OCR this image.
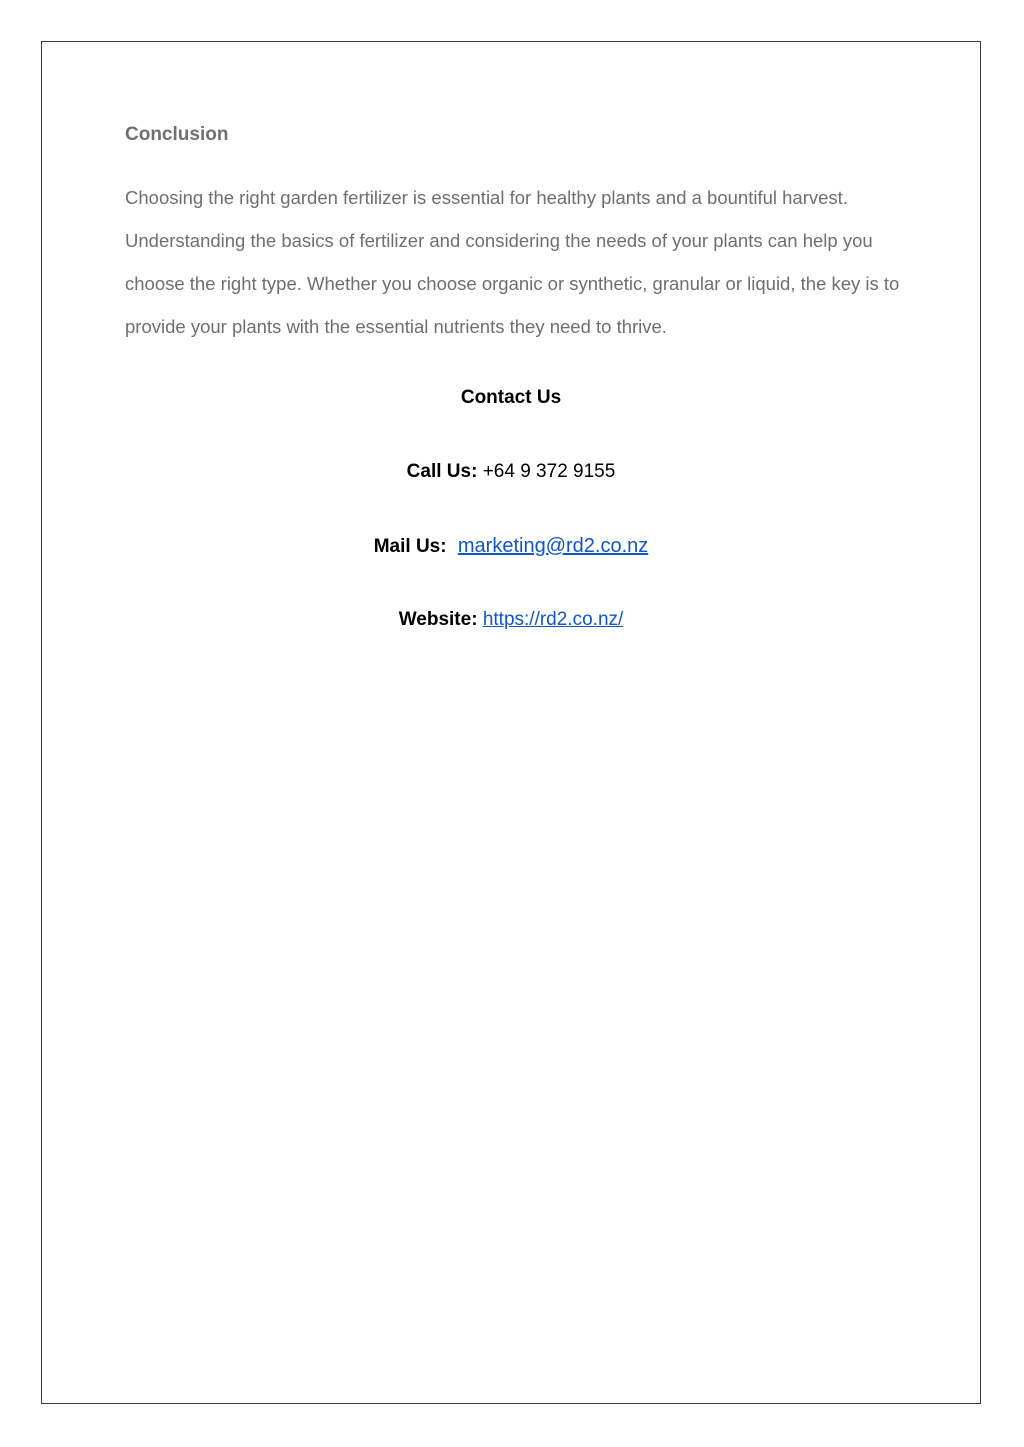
Conclusion

Choosing the right garden fertilizer is essential for healthy plants and a bountiful harvest. Understanding the basics of fertilizer and considering the needs of your plants can help you choose the right type. Whether you choose organic or synthetic, granular or liquid, the key is to provide your plants with the essential nutrients they need to thrive.

Contact Us

Call Us: +64 9 372 9155

Mail Us: marketing@rd2.co.nz

Website: https://rd2.co.nz/
